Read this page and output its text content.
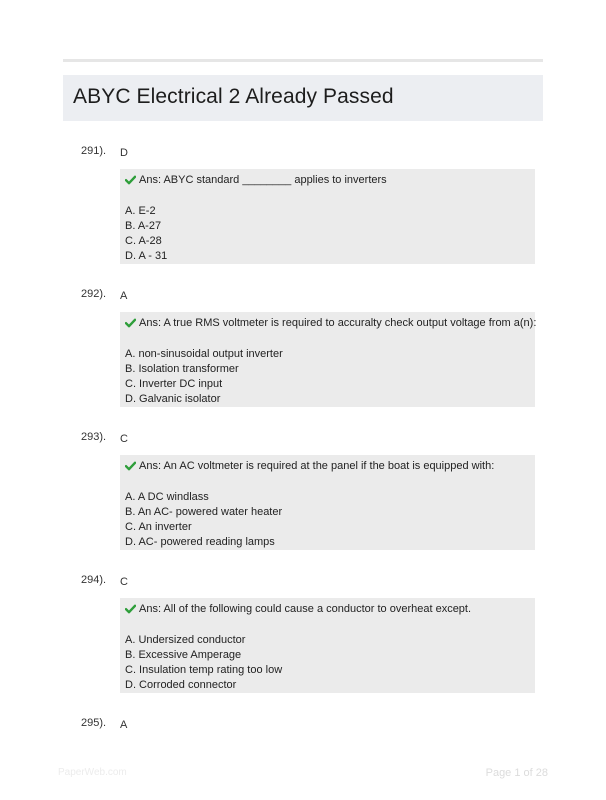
ABYC Electrical 2 Already Passed
291). D
Ans: ABYC standard ________ applies to inverters
A. E-2
B. A-27
C. A-28
D. A - 31
292). A
Ans: A true RMS voltmeter is required to accuralty check output voltage from a(n):
A. non-sinusoidal output inverter
B. Isolation transformer
C. Inverter DC input
D. Galvanic isolator
293). C
Ans: An AC voltmeter is required at the panel if the boat is equipped with:
A. A DC windlass
B. An AC- powered water heater
C. An inverter
D. AC- powered reading lamps
294). C
Ans: All of the following could cause a conductor to overheat except.
A. Undersized conductor
B. Excessive Amperage
C. Insulation temp rating too low
D. Corroded connector
295). A
PaperWeb.com	Page 1 of 28
